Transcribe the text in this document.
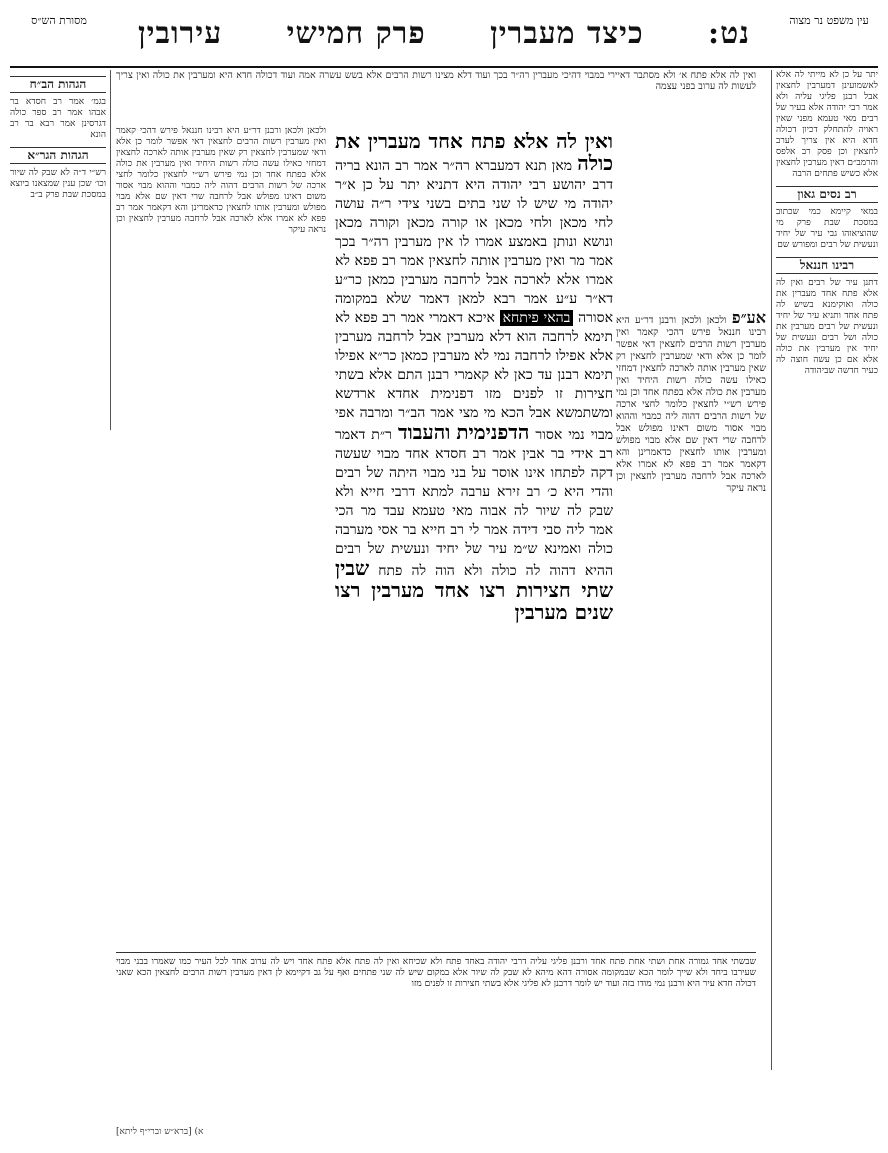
עין משפט נר מצוה
נט:
כיצד מעברין
פרק חמישי
עירובין
מסורת הש״ס
ואין לה אלא פתח א׳ ולא מסתבר דאיירי במבוי דהיכי מעברין רה״ר בכך ועוד דלא מצינו רשות הרבים אלא בשש עשרה אמה ועוד דכולה חדא היא ומערבין את כולה ואין צריך לעשות לה ערוב בפני עצמה
יתר על כן לא מייתי לה אלא לאשמועינן דמערבין לחצאין אבל רבנן פליגי עליה ולא אמר רבי יהודה אלא בעיר של רבים מאי טעמא מפני שאין ראויה להתחלק דכיון דכולה חדא היא אין צריך לערב לחצאין וכן פסק רב אלפס והרמב״ם דאין מערבין לחצאין אלא כשיש פתחים הרבה
רב נסים גאון
במאי קיימא כמי שכתוב במסכת שבת פרק מי שהוציאוהו גבי עיר של יחיד ונעשית של רבים ומפורש שם
רבינו חננאל
דתנן עיר של רבים ואין לה אלא פתח אחד מעברין את כולה ואוקימנא בשיש לה פתח אחד ותניא עיר של יחיד ונעשית של רבים מערבין את כולה ושל רבים ונעשית של יחיד אין מערבין את כולה אלא אם כן עשה חוצה לה כעיר חדשה שביהודה
אע״פ ולכאן ולכאן ורבנן דר״ע היא רבינו חננאל פירש דהכי קאמר ואין מערבין רשות הרבים לחצאין דאי אפשר לומר כן אלא ודאי שמערבין לחצאין רק שאין מערבין אותה לארכה לחצאין דמחזי כאילו עשה כולה רשות היחיד ואין מערבין את כולה אלא בפתח אחד וכן נמי פירש רש״י לחצאין כלומר לחצי ארכה של רשות הרבים דהוה ליה כמבוי וההוא מבוי אסור משום דאינו מפולש אבל לרחבה שרי דאין שם אלא מבוי מפולש ומערבין אותו לחצאין כדאמרינן והא דקאמר אמר רב פפא לא אמרו אלא לארכה אבל לרחבה מערבין לחצאין וכן נראה עיקר
ואין לה אלא פתח אחד מעברין את כולה מאן תנא דמעברא רה״ר אמר רב הונא בריה דרב יהושע רבי יהודה היא דתניא יתר על כן א״ר יהודה מי שיש לו שני בתים בשני צידי ר״ה עושה לחי מכאן ולחי מכאן או קורה מכאן וקורה מכאן ונושא ונותן באמצע אמרו לו אין מערבין רה״ר בכך אמר מר ואין מערבין אותה לחצאין אמר רב פפא לא אמרו אלא לארכה אבל לרחבה מערבין כמאן כר״ע דא״ר ע״ע אמר רבא למאן דאמר שלא במקומה אסורה בהאי פיתחא איכא דאמרי אמר רב פפא לא תימא לרחבה הוא דלא מערבין אבל לרחבה מערבין אלא אפילו לרחבה נמי לא מערבין כמאן כר״א אפילו תימא רבנן עד כאן לא קאמרי רבנן התם אלא בשתי חצירות זו לפנים מזו דפנימית אחדא ארדשא ומשתמשא אבל הכא מי מצי אמר הב״ר ומרבה אפי מבוי נמי אסור הדפנימית והעבוד ר״ת דאמר רב אידי בר אבין אמר רב חסדא אחד מבוי שעשה דקה לפתחו אינו אוסר על בני מבוי היתה של רבים והדי היא כ׳ רב זירא ערבה למתא דרבי חייא ולא שבק לה שיור לה אבוה מאי טעמא עבד מר הכי אמר ליה סבי דידה אמר לי רב חייא בר אסי מערבה כולה ואמינא ש״מ עיר של יחיד ונעשית של רבים ההיא דהוה לה כולה ולא הוה לה פתח שבין שתי חצירות רצו אחד מערבין רצו שנים מערבין
ולכאן ולכאן ורבנן דר״ע היא רבינו חננאל פירש דהכי קאמר ואין מערבין רשות הרבים לחצאין דאי אפשר לומר כן אלא ודאי שמערבין לחצאין רק שאין מערבין אותה לארכה לחצאין דמחזי כאילו עשה כולה רשות היחיד ואין מערבין את כולה אלא בפתח אחד וכן נמי פירש רש״י לחצאין כלומר לחצי ארכה של רשות הרבים דהוה ליה כמבוי וההוא מבוי אסור משום דאינו מפולש אבל לרחבה שרי דאין שם אלא מבוי מפולש ומערבין אותו לחצאין כדאמרינן והא דקאמר אמר רב פפא לא אמרו אלא לארכה אבל לרחבה מערבין לחצאין וכן נראה עיקר
הגהות הב״ח
בגמ׳ אמר רב חסדא בר אבהו אמר רב ספר כולה דגרסינן אמר רבא בר רב הונא
הגהות הגר״א
רש״י ד״ה לא שבק לה שיור וכו׳ שכן ענין שמצאנו ביוצא במסכת שבת פרק ב״ב
שבשתי אחד גמורה אחת ושתי אחת פתח אחד ורבנן פליגי עליה דרבי יהודה באחד פתח ולא שכיחא ואין לה פתח אלא פתח אחד ויש לה ערוב אחד לכל העיר כמו שאמרו בבני מבוי שעירבו ביחד ולא שייך לומר הכא שבמקומה אסורה דהא מיהא לא שבק לה שיור אלא במקום שיש לה שני פתחים ואף על גב דקיימא לן דאין מערבין רשות הרבים לחצאין הכא שאני דכולה חדא עיר היא ורבנן נמי מודו בזה ועוד יש לומר דרבנן לא פליגי אלא בשתי חצירות זו לפנים מזו
א) [ברא״ש וברי״ף ליתא]
